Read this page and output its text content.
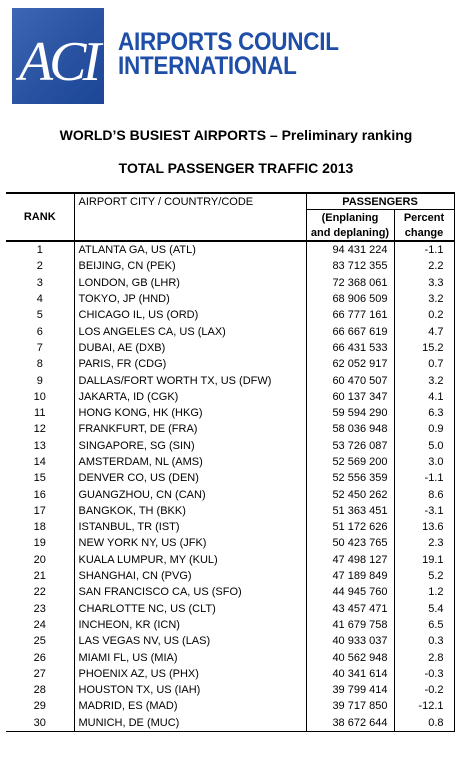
ACI AIRPORTS COUNCIL
INTERNATIONAL
WORLD’S BUSIEST AIRPORTS – Preliminary ranking
TOTAL PASSENGER TRAFFIC 2013
	AIRPORT CITY / COUNTRY/CODE	PASSENGERS	
RANK		(Enplaning	Percent
		and deplaning)	change
1	ATLANTA GA, US (ATL)	94 431 224	-1.1
2	BEIJING, CN (PEK)	83 712 355	2.2
3	LONDON, GB (LHR)	72 368 061	3.3
4	TOKYO, JP (HND)	68 906 509	3.2
5	CHICAGO IL, US (ORD)	66 777 161	0.2
6	LOS ANGELES CA, US (LAX)	66 667 619	4.7
7	DUBAI, AE (DXB)	66 431 533	15.2
8	PARIS, FR (CDG)	62 052 917	0.7
9	DALLAS/FORT WORTH TX, US (DFW)	60 470 507	3.2
10	JAKARTA, ID (CGK)	60 137 347	4.1
11	HONG KONG, HK (HKG)	59 594 290	6.3
12	FRANKFURT, DE (FRA)	58 036 948	0.9
13	SINGAPORE, SG (SIN)	53 726 087	5.0
14	AMSTERDAM, NL (AMS)	52 569 200	3.0
15	DENVER CO, US (DEN)	52 556 359	-1.1
16	GUANGZHOU, CN (CAN)	52 450 262	8.6
17	BANGKOK, TH (BKK)	51 363 451	-3.1
18	ISTANBUL, TR (IST)	51 172 626	13.6
19	NEW YORK NY, US (JFK)	50 423 765	2.3
20	KUALA LUMPUR, MY (KUL)	47 498 127	19.1
21	SHANGHAI, CN (PVG)	47 189 849	5.2
22	SAN FRANCISCO CA, US (SFO)	44 945 760	1.2
23	CHARLOTTE NC, US (CLT)	43 457 471	5.4
24	INCHEON, KR (ICN)	41 679 758	6.5
25	LAS VEGAS NV, US (LAS)	40 933 037	0.3
26	MIAMI FL, US (MIA)	40 562 948	2.8
27	PHOENIX AZ, US (PHX)	40 341 614	-0.3
28	HOUSTON TX, US (IAH)	39 799 414	-0.2
29	MADRID, ES (MAD)	39 717 850	-12.1
30	MUNICH, DE (MUC)	38 672 644	0.8
